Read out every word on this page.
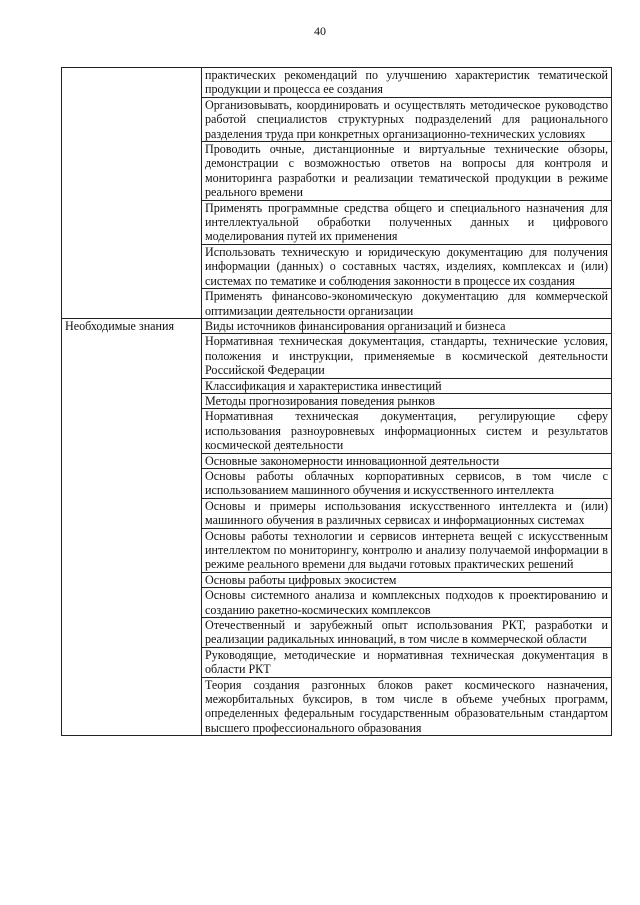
40
	практических рекомендаций по улучшению характеристик тематической продукции и процесса ее создания
	Организовывать, координировать и осуществлять методическое руководство работой специалистов структурных подразделений для рационального разделения труда при конкретных организационно-технических условиях
	Проводить очные, дистанционные и виртуальные технические обзоры, демонстрации с возможностью ответов на вопросы для контроля и мониторинга разработки и реализации тематической продукции в режиме реального времени
	Применять программные средства общего и специального назначения для интеллектуальной обработки полученных данных и цифрового моделирования путей их применения
	Использовать техническую и юридическую документацию для получения информации (данных) о составных частях, изделиях, комплексах и (или) системах по тематике и соблюдения законности в процессе их создания
	Применять финансово-экономическую документацию для коммерческой оптимизации деятельности организации

Необходимые знания	Виды источников финансирования организаций и бизнеса
	Нормативная техническая документация, стандарты, технические условия, положения и инструкции, применяемые в космической деятельности Российской Федерации
	Классификация и характеристика инвестиций
	Методы прогнозирования поведения рынков
	Нормативная техническая документация, регулирующие сферу использования разноуровневых информационных систем и результатов космической деятельности
	Основные закономерности инновационной деятельности
	Основы работы облачных корпоративных сервисов, в том числе с использованием машинного обучения и искусственного интеллекта
	Основы и примеры использования искусственного интеллекта и (или) машинного обучения в различных сервисах и информационных системах
	Основы работы технологии и сервисов интернета вещей с искусственным интеллектом по мониторингу, контролю и анализу получаемой информации в режиме реального времени для выдачи готовых практических решений
	Основы работы цифровых экосистем
	Основы системного анализа и комплексных подходов к проектированию и созданию ракетно-космических комплексов
	Отечественный и зарубежный опыт использования РКТ, разработки и реализации радикальных инноваций, в том числе в коммерческой области
	Руководящие, методические и нормативная техническая документация в области РКТ
	Теория создания разгонных блоков ракет космического назначения, межорбитальных буксиров, в том числе в объеме учебных программ, определенных федеральным государственным образовательным стандартом высшего профессионального образования
